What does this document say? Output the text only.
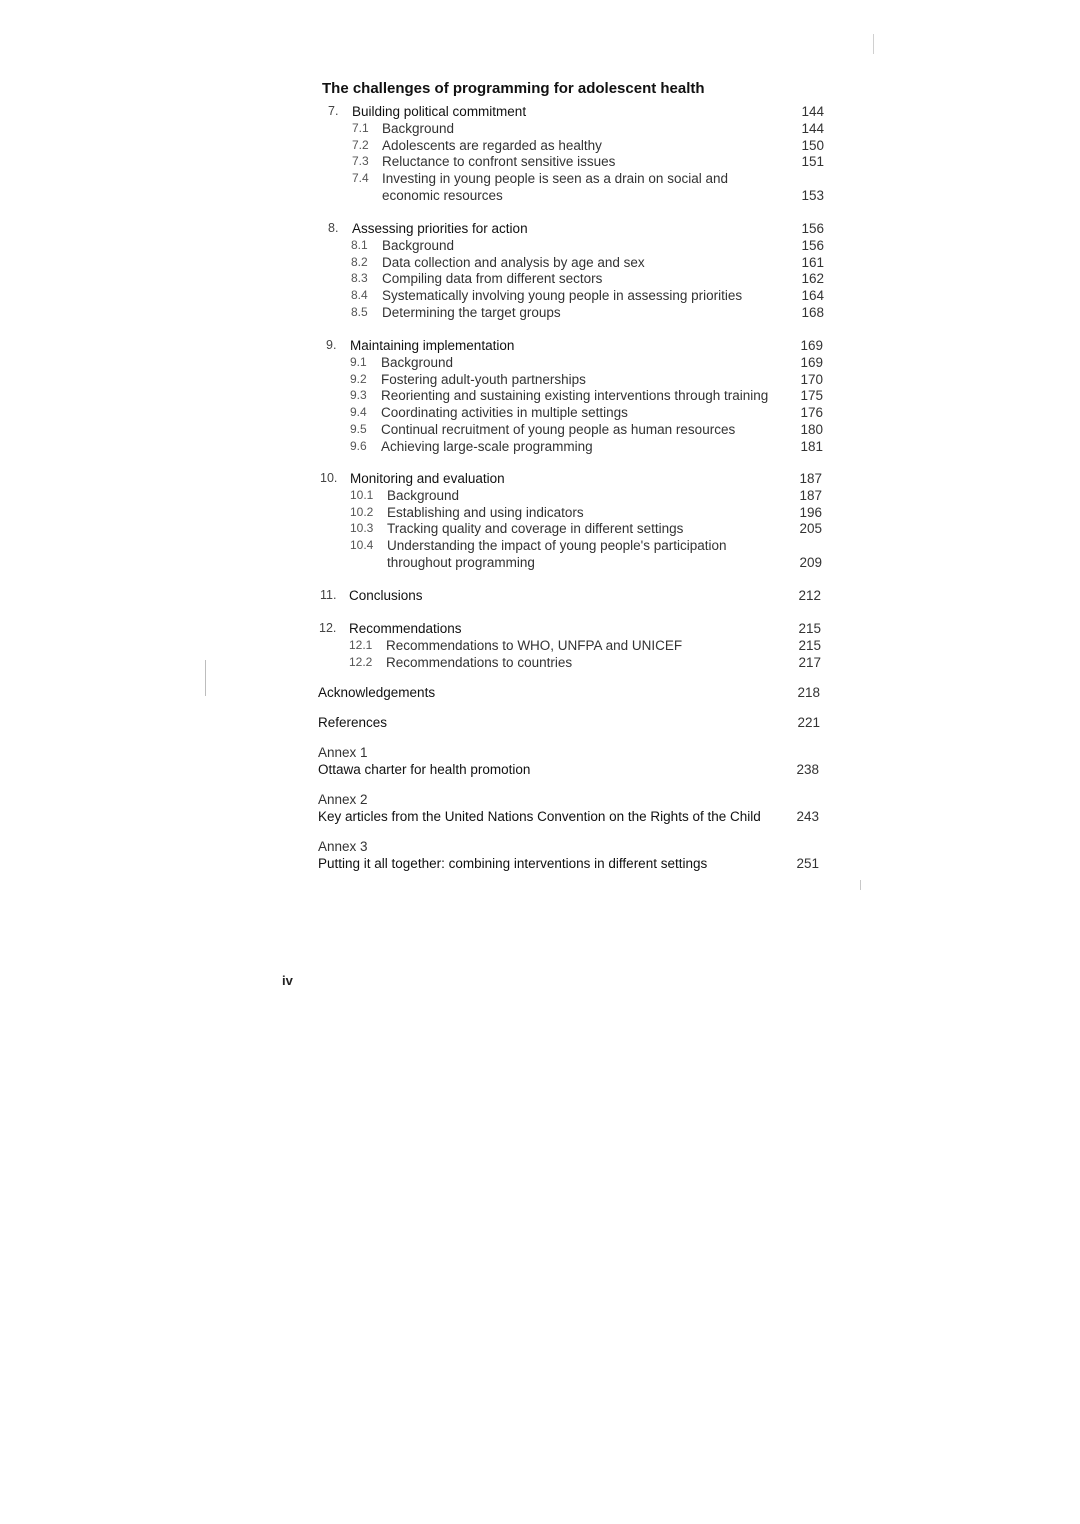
The challenges of programming for adolescent health
7. Building political commitment	144
7.1 Background	144
7.2 Adolescents are regarded as healthy	150
7.3 Reluctance to confront sensitive issues	151
7.4 Investing in young people is seen as a drain on social and
economic resources	153
8. Assessing priorities for action	156
8.1 Background	156
8.2 Data collection and analysis by age and sex	161
8.3 Compiling data from different sectors	162
8.4 Systematically involving young people in assessing priorities	164
8.5 Determining the target groups	168
9. Maintaining implementation	169
9.1 Background	169
9.2 Fostering adult-youth partnerships	170
9.3 Reorienting and sustaining existing interventions through training	175
9.4 Coordinating activities in multiple settings	176
9.5 Continual recruitment of young people as human resources	180
9.6 Achieving large-scale programming	181
10. Monitoring and evaluation	187
10.1 Background	187
10.2 Establishing and using indicators	196
10.3 Tracking quality and coverage in different settings	205
10.4 Understanding the impact of young people's participation
throughout programming	209
11. Conclusions	212
12. Recommendations	215
12.1 Recommendations to WHO, UNFPA and UNICEF	215
12.2 Recommendations to countries	217
Acknowledgements	218
References	221
Annex 1
Ottawa charter for health promotion	238
Annex 2
Key articles from the United Nations Convention on the Rights of the Child	243
Annex 3
Putting it all together: combining interventions in different settings	251
iv
